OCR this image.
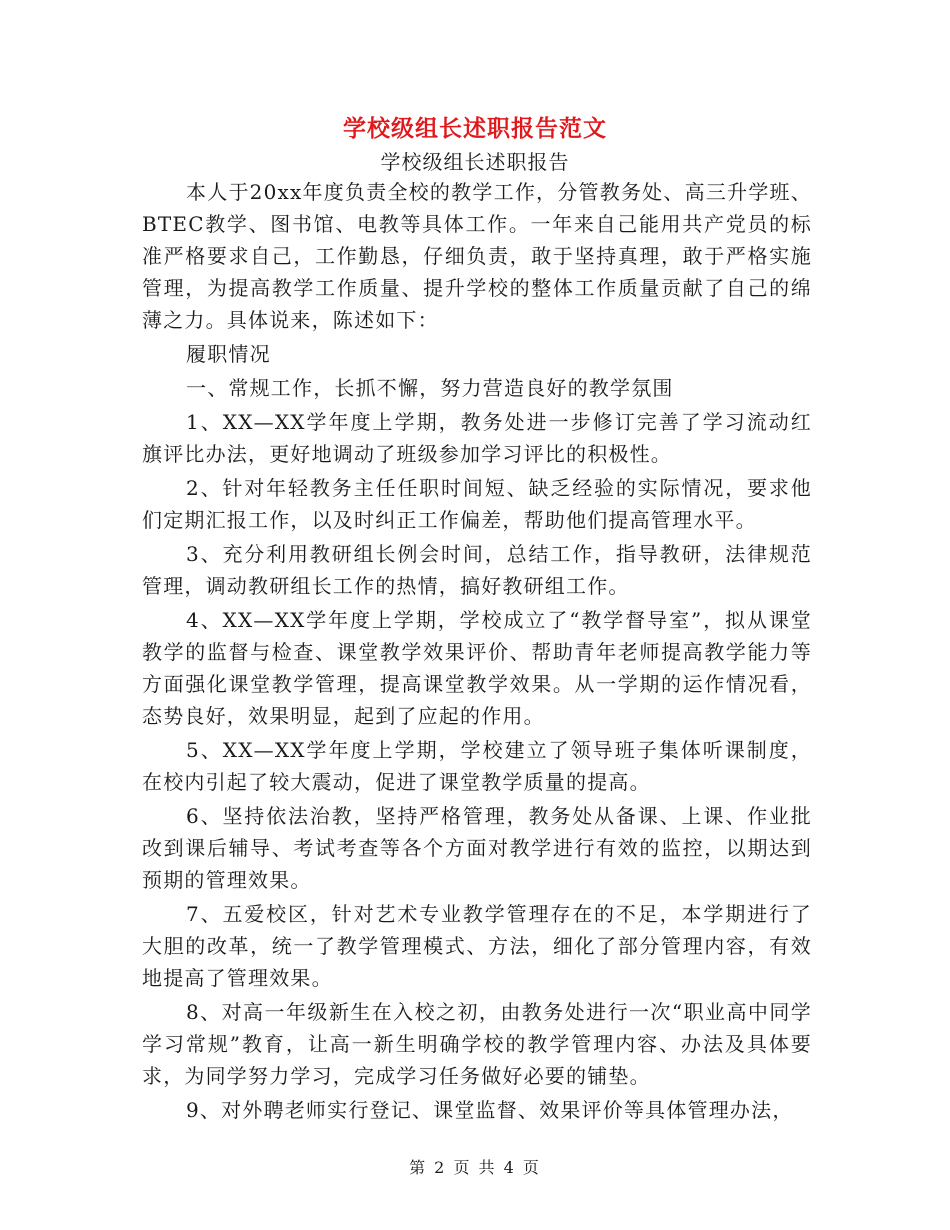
学校级组长述职报告范文
学校级组长述职报告

本人于20xx年度负责全校的教学工作，分管教务处、高三升学班、BTEC教学、图书馆、电教等具体工作。一年来自己能用共产党员的标准严格要求自己，工作勤恳，仔细负责，敢于坚持真理，敢于严格实施管理，为提高教学工作质量、提升学校的整体工作质量贡献了自己的绵薄之力。具体说来，陈述如下：

履职情况

一、常规工作，长抓不懈，努力营造良好的教学氛围

1、XX—XX学年度上学期，教务处进一步修订完善了学习流动红旗评比办法，更好地调动了班级参加学习评比的积极性。

2、针对年轻教务主任任职时间短、缺乏经验的实际情况，要求他们定期汇报工作，以及时纠正工作偏差，帮助他们提高管理水平。

3、充分利用教研组长例会时间，总结工作，指导教研，法律规范管理，调动教研组长工作的热情，搞好教研组工作。

4、XX—XX学年度上学期，学校成立了“教学督导室”，拟从课堂教学的监督与检查、课堂教学效果评价、帮助青年老师提高教学能力等方面强化课堂教学管理，提高课堂教学效果。从一学期的运作情况看，态势良好，效果明显，起到了应起的作用。

5、XX—XX学年度上学期，学校建立了领导班子集体听课制度，在校内引起了较大震动，促进了课堂教学质量的提高。

6、坚持依法治教，坚持严格管理，教务处从备课、上课、作业批改到课后辅导、考试考查等各个方面对教学进行有效的监控，以期达到预期的管理效果。

7、五爱校区，针对艺术专业教学管理存在的不足，本学期进行了大胆的改革，统一了教学管理模式、方法，细化了部分管理内容，有效地提高了管理效果。

8、对高一年级新生在入校之初，由教务处进行一次“职业高中同学学习常规”教育，让高一新生明确学校的教学管理内容、办法及具体要求，为同学努力学习，完成学习任务做好必要的铺垫。

9、对外聘老师实行登记、课堂监督、效果评价等具体管理办法，

第 2 页 共 4 页
